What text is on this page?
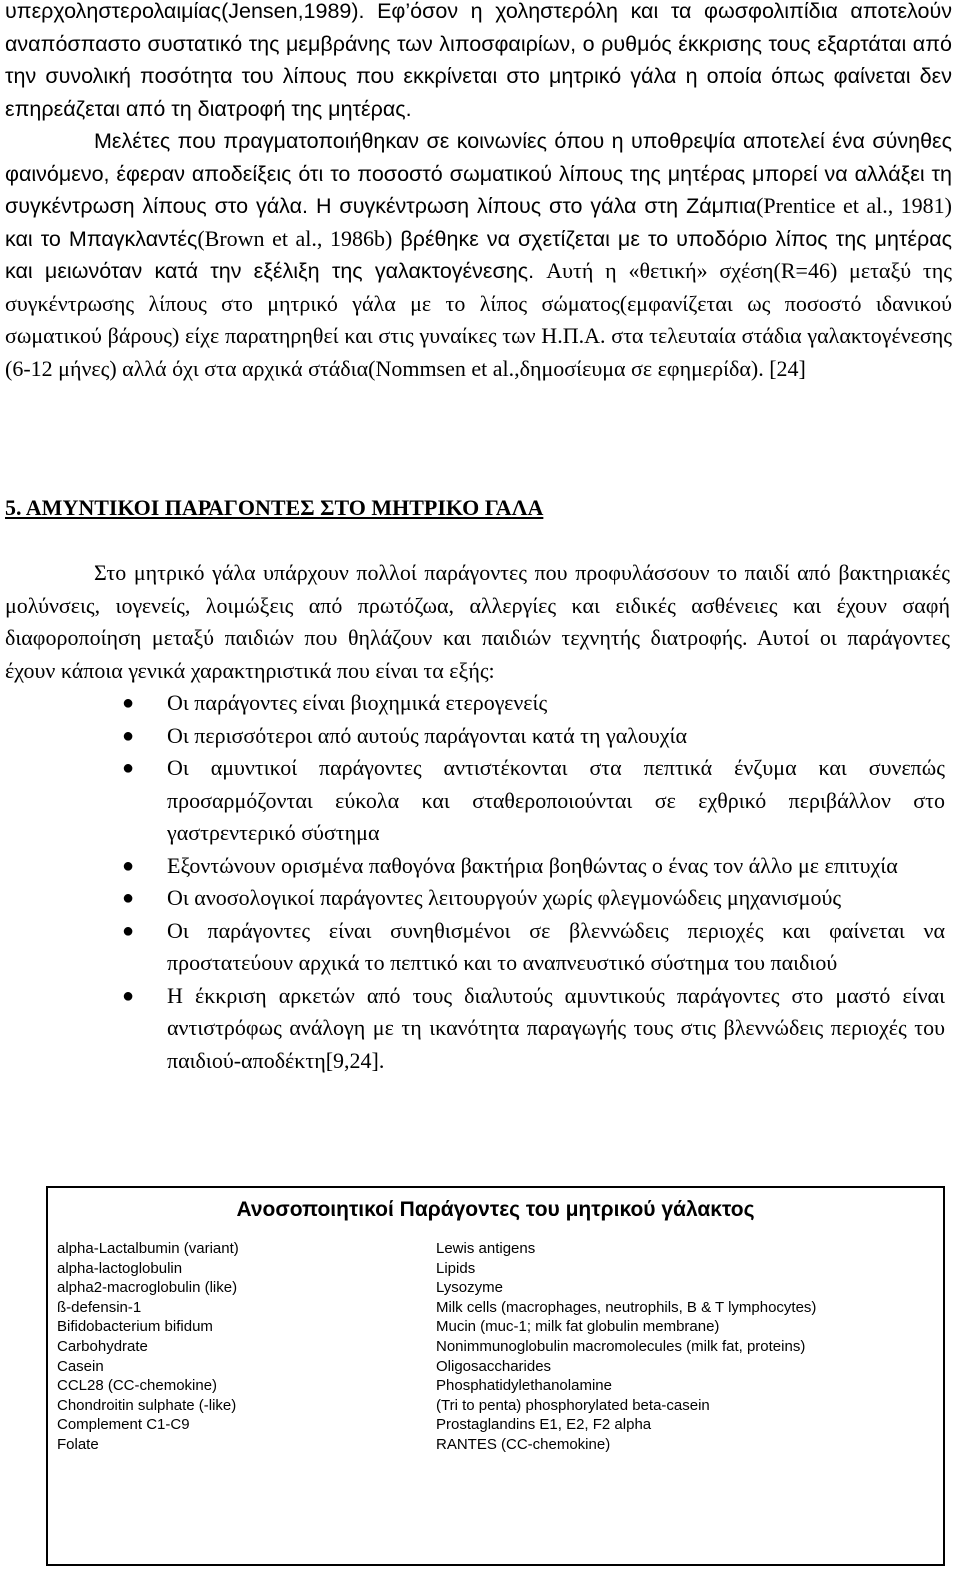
υπερχοληστερολαιμίας(Jensen,1989). Εφ’όσον η χοληστερόλη και τα φωσφολιπίδια αποτελούν αναπόσπαστο συστατικό της μεμβράνης των λιποσφαιρίων, ο ρυθμός έκκρισης τους εξαρτάται από την συνολική ποσότητα του λίπους που εκκρίνεται στο μητρικό γάλα η οποία όπως φαίνεται δεν επηρεάζεται από τη διατροφή της μητέρας.
Μελέτες που πραγματοποιήθηκαν σε κοινωνίες όπου η υποθρεψία αποτελεί ένα σύνηθες φαινόμενο, έφεραν αποδείξεις ότι το ποσοστό σωματικού λίπους της μητέρας μπορεί να αλλάξει τη συγκέντρωση λίπους στο γάλα. Η συγκέντρωση λίπους στο γάλα στη Ζάμπια(Prentice et al., 1981) και το Μπαγκλαντές(Brown et al., 1986b) βρέθηκε να σχετίζεται με το υποδόριο λίπος της μητέρας και μειωνόταν κατά την εξέλιξη της γαλακτογένεσης. Αυτή η «θετική» σχέση(R=46) μεταξύ της συγκέντρωσης λίπους στο μητρικό γάλα με το λίπος σώματος(εμφανίζεται ως ποσοστό ιδανικού σωματικού βάρους) είχε παρατηρηθεί και στις γυναίκες των Η.Π.Α. στα τελευταία στάδια γαλακτογένεσης (6-12 μήνες) αλλά όχι στα αρχικά στάδια(Nommsen et al.,δημοσίευμα σε εφημερίδα). [24]

5. ΑΜΥΝΤΙΚΟΙ ΠΑΡΑΓΟΝΤΕΣ ΣΤΟ ΜΗΤΡΙΚΟ ΓΑΛΑ

Στο μητρικό γάλα υπάρχουν πολλοί παράγοντες που προφυλάσσουν το παιδί από βακτηριακές μολύνσεις, ιογενείς, λοιμώξεις από πρωτόζωα, αλλεργίες και ειδικές ασθένειες και έχουν σαφή διαφοροποίηση μεταξύ παιδιών που θηλάζουν και παιδιών τεχνητής διατροφής. Αυτοί οι παράγοντες έχουν κάποια γενικά χαρακτηριστικά που είναι τα εξής:

● Οι παράγοντες είναι βιοχημικά ετερογενείς
● Οι περισσότεροι από αυτούς παράγονται κατά τη γαλουχία
● Οι αμυντικοί παράγοντες αντιστέκονται στα πεπτικά ένζυμα και συνεπώς προσαρμόζονται εύκολα και σταθεροποιούνται σε εχθρικό περιβάλλον στο γαστρεντερικό σύστημα
● Εξοντώνουν ορισμένα παθογόνα βακτήρια βοηθώντας ο ένας τον άλλο με επιτυχία
● Οι ανοσολογικοί παράγοντες λειτουργούν χωρίς φλεγμονώδεις μηχανισμούς
● Οι παράγοντες είναι συνηθισμένοι σε βλεννώδεις περιοχές και φαίνεται να προστατεύουν αρχικά το πεπτικό και το αναπνευστικό σύστημα του παιδιού
● Η έκκριση αρκετών από τους διαλυτούς αμυντικούς παράγοντες στο μαστό είναι αντιστρόφως ανάλογη με τη ικανότητα παραγωγής τους στις βλεννώδεις περιοχές του παιδιού-αποδέκτη[9,24].
Ανοσοποιητικοί Παράγοντες του μητρικού γάλακτος
alpha-Lactalbumin (variant)
alpha-lactoglobulin
alpha2-macroglobulin (like)
ß-defensin-1
Bifidobacterium bifidum
Carbohydrate
Casein
CCL28 (CC-chemokine)
Chondroitin sulphate (-like)
Complement C1-C9
Folate
Lewis antigens
Lipids
Lysozyme
Milk cells (macrophages, neutrophils, B & T lymphocytes)
Mucin (muc-1; milk fat globulin membrane)
Nonimmunoglobulin macromolecules (milk fat, proteins)
Oligosaccharides
Phosphatidylethanolamine
(Tri to penta) phosphorylated beta-casein
Prostaglandins E1, E2, F2 alpha
RANTES (CC-chemokine)
